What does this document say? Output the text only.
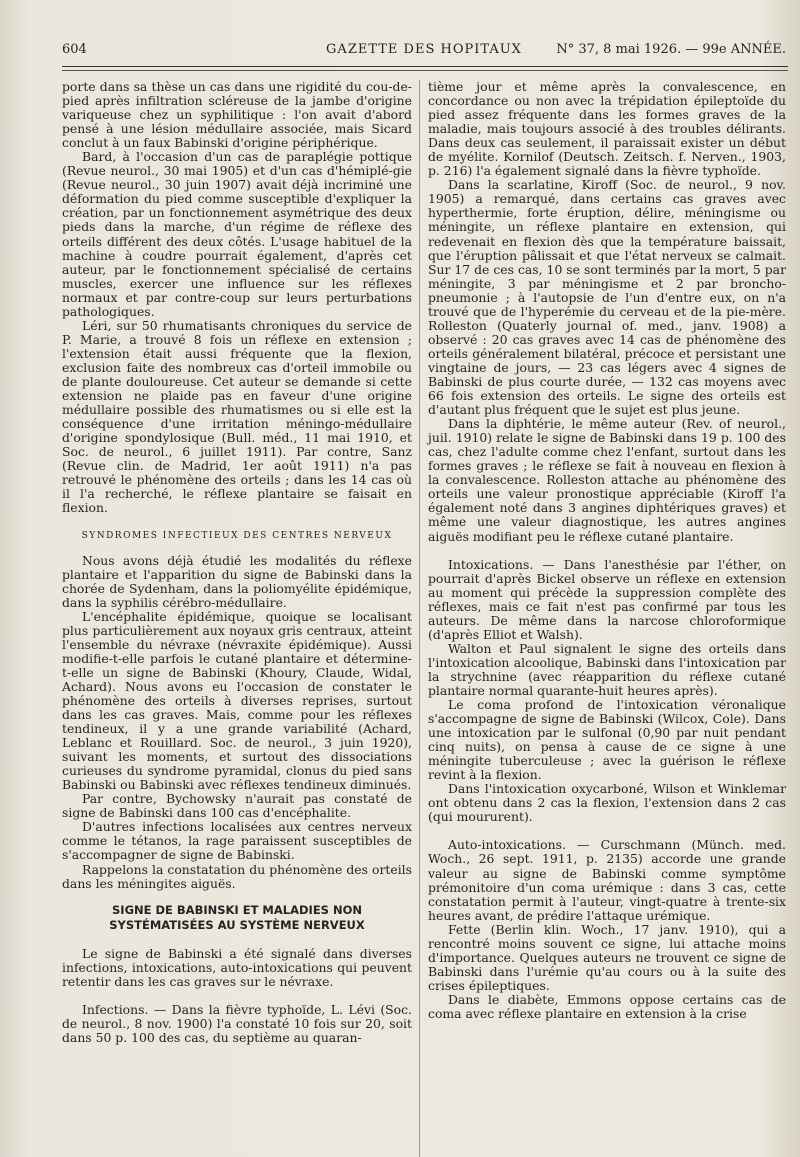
604	GAZETTE DES HOPITAUX	N° 37, 8 mai 1926. — 99e ANNÉE.

porte dans sa thèse un cas dans une rigidité du cou-de-pied après infiltration scléreuse de la jambe d'origine variqueuse chez un syphilitique : l'on avait d'abord pensé à une lésion médullaire associée, mais Sicard conclut à un faux Babinski d'origine périphérique.

Bard, à l'occasion d'un cas de paraplégie pottique (Revue neurol., 30 mai 1905) et d'un cas d'hémiplé-gie (Revue neurol., 30 juin 1907) avait déjà incriminé une déformation du pied comme susceptible d'expliquer la création, par un fonctionnement asymétrique des deux pieds dans la marche, d'un régime de réflexe des orteils différent des deux côtés. L'usage habituel de la machine à coudre pourrait également, d'après cet auteur, par le fonctionnement spécialisé de certains muscles, exercer une influence sur les réflexes normaux et par contre-coup sur leurs perturbations pathologiques.

Léri, sur 50 rhumatisants chroniques du service de P. Marie, a trouvé 8 fois un réflexe en extension ; l'extension était aussi fréquente que la flexion, exclusion faite des nombreux cas d'orteil immobile ou de plante douloureuse. Cet auteur se demande si cette extension ne plaide pas en faveur d'une origine médullaire possible des rhumatismes ou si elle est la conséquence d'une irritation méningo-médullaire d'origine spondylosique (Bull. méd., 11 mai 1910, et Soc. de neurol., 6 juillet 1911). Par contre, Sanz (Revue clin. de Madrid, 1er août 1911) n'a pas retrouvé le phénomène des orteils ; dans les 14 cas où il l'a recherché, le réflexe plantaire se faisait en flexion.

SYNDROMES INFECTIEUX DES CENTRES NERVEUX

Nous avons déjà étudié les modalités du réflexe plantaire et l'apparition du signe de Babinski dans la chorée de Sydenham, dans la poliomyélite épidémique, dans la syphilis cérébro-médullaire.

L'encéphalite épidémique, quoique se localisant plus particulièrement aux noyaux gris centraux, atteint l'ensemble du névraxe (névraxite épidémique). Aussi modifie-t-elle parfois le cutané plantaire et détermine-t-elle un signe de Babinski (Khoury, Claude, Widal, Achard). Nous avons eu l'occasion de constater le phénomène des orteils à diverses reprises, surtout dans les cas graves. Mais, comme pour les réflexes tendineux, il y a une grande variabilité (Achard, Leblanc et Rouillard. Soc. de neurol., 3 juin 1920), suivant les moments, et surtout des dissociations curieuses du syndrome pyramidal, clonus du pied sans Babinski ou Babinski avec réflexes tendineux diminués.

Par contre, Bychowsky n'aurait pas constaté de signe de Babinski dans 100 cas d'encéphalite.

D'autres infections localisées aux centres nerveux comme le tétanos, la rage paraissent susceptibles de s'accompagner de signe de Babinski.

Rappelons la constatation du phénomène des orteils dans les méningites aiguës.

SIGNE DE BABINSKI ET MALADIES NON SYSTÉMATISÉES AU SYSTÈME NERVEUX

Le signe de Babinski a été signalé dans diverses infections, intoxications, auto-intoxications qui peuvent retentir dans les cas graves sur le névraxe.

Infections. — Dans la fièvre typhoïde, L. Lévi (Soc. de neurol., 8 nov. 1900) l'a constaté 10 fois sur 20, soit dans 50 p. 100 des cas, du septième au quaran-

tième jour et même après la convalescence, en concordance ou non avec la trépidation épileptoïde du pied assez fréquente dans les formes graves de la maladie, mais toujours associé à des troubles délirants. Dans deux cas seulement, il paraissait exister un début de myélite. Kornilof (Deutsch. Zeitsch. f. Nerven., 1903, p. 216) l'a également signalé dans la fièvre typhoïde.

Dans la scarlatine, Kiroff (Soc. de neurol., 9 nov. 1905) a remarqué, dans certains cas graves avec hyperthermie, forte éruption, délire, méningisme ou méningite, un réflexe plantaire en extension, qui redevenait en flexion dès que la température baissait, que l'éruption pâlissait et que l'état nerveux se calmait. Sur 17 de ces cas, 10 se sont terminés par la mort, 5 par méningite, 3 par méningisme et 2 par broncho-pneumonie ; à l'autopsie de l'un d'entre eux, on n'a trouvé que de l'hyperémie du cerveau et de la pie-mère. Rolleston (Quaterly journal of. med., janv. 1908) a observé : 20 cas graves avec 14 cas de phénomène des orteils généralement bilatéral, précoce et persistant une vingtaine de jours, — 23 cas légers avec 4 signes de Babinski de plus courte durée, — 132 cas moyens avec 66 fois extension des orteils. Le signe des orteils est d'autant plus fréquent que le sujet est plus jeune.

Dans la diphtérie, le même auteur (Rev. of neurol., juil. 1910) relate le signe de Babinski dans 19 p. 100 des cas, chez l'adulte comme chez l'enfant, surtout dans les formes graves ; le réflexe se fait à nouveau en flexion à la convalescence. Rolleston attache au phénomène des orteils une valeur pronostique appréciable (Kiroff l'a également noté dans 3 angines diphtériques graves) et même une valeur diagnostique, les autres angines aiguës modifiant peu le réflexe cutané plantaire.

Intoxications. — Dans l'anesthésie par l'éther, on pourrait d'après Bickel observe un réflexe en extension au moment qui précède la suppression complète des réflexes, mais ce fait n'est pas confirmé par tous les auteurs. De même dans la narcose chloroformique (d'après Elliot et Walsh).

Walton et Paul signalent le signe des orteils dans l'intoxication alcoolique, Babinski dans l'intoxication par la strychnine (avec réapparition du réflexe cutané plantaire normal quarante-huit heures après).

Le coma profond de l'intoxication véronalique s'accompagne de signe de Babinski (Wilcox, Cole). Dans une intoxication par le sulfonal (0,90 par nuit pendant cinq nuits), on pensa à cause de ce signe à une méningite tuberculeuse ; avec la guérison le réflexe revint à la flexion.

Dans l'intoxication oxycarboné, Wilson et Winklemar ont obtenu dans 2 cas la flexion, l'extension dans 2 cas (qui moururent).

Auto-intoxications. — Curschmann (Münch. med. Woch., 26 sept. 1911, p. 2135) accorde une grande valeur au signe de Babinski comme symptôme prémonitoire d'un coma urémique : dans 3 cas, cette constatation permit à l'auteur, vingt-quatre à trente-six heures avant, de prédire l'attaque urémique.

Fette (Berlin klin. Woch., 17 janv. 1910), qui a rencontré moins souvent ce signe, lui attache moins d'importance. Quelques auteurs ne trouvent ce signe de Babinski dans l'urémie qu'au cours ou à la suite des crises épileptiques.

Dans le diabète, Emmons oppose certains cas de coma avec réflexe plantaire en extension à la crise
